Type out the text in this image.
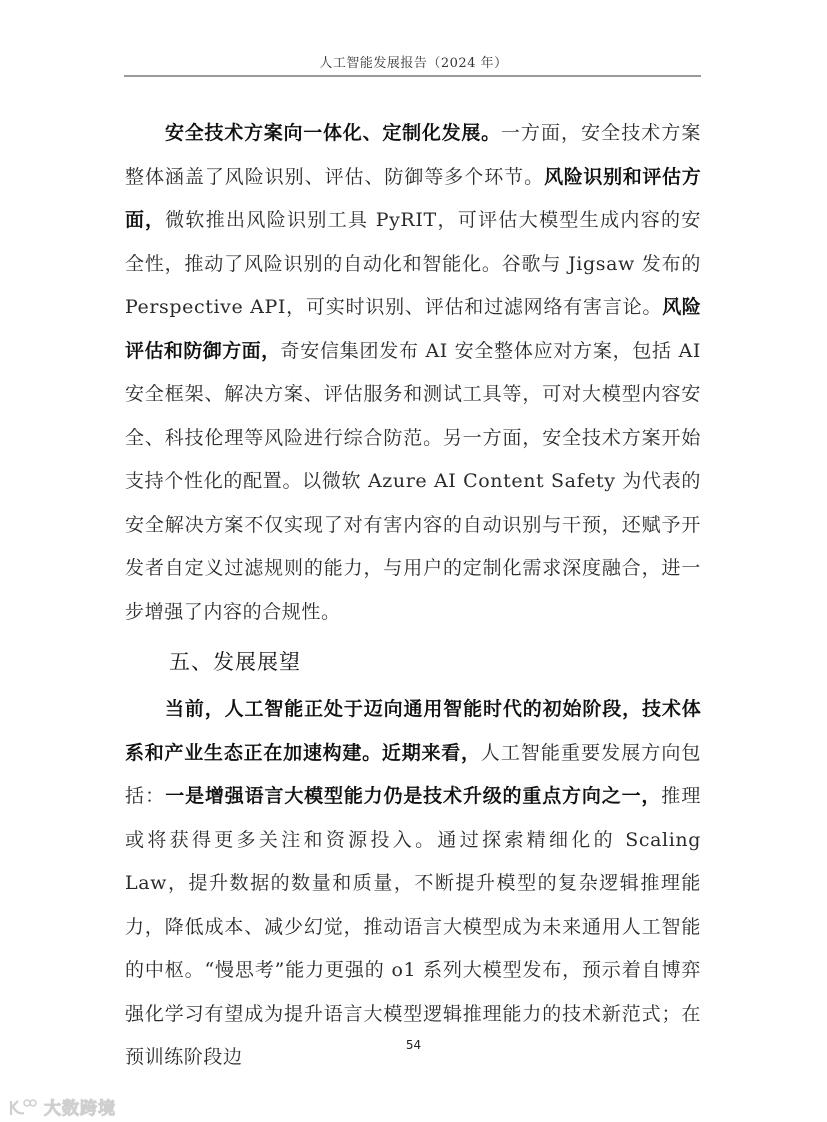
人工智能发展报告（2024 年）

安全技术方案向一体化、定制化发展。一方面，安全技术方案整体涵盖了风险识别、评估、防御等多个环节。风险识别和评估方面，微软推出风险识别工具 PyRIT，可评估大模型生成内容的安全性，推动了风险识别的自动化和智能化。谷歌与 Jigsaw 发布的 Perspective API，可实时识别、评估和过滤网络有害言论。风险评估和防御方面，奇安信集团发布 AI 安全整体应对方案，包括 AI 安全框架、解决方案、评估服务和测试工具等，可对大模型内容安全、科技伦理等风险进行综合防范。另一方面，安全技术方案开始支持个性化的配置。以微软 Azure AI Content Safety 为代表的安全解决方案不仅实现了对有害内容的自动识别与干预，还赋予开发者自定义过滤规则的能力，与用户的定制化需求深度融合，进一步增强了内容的合规性。

五、发展展望

当前，人工智能正处于迈向通用智能时代的初始阶段，技术体系和产业生态正在加速构建。近期来看，人工智能重要发展方向包括：一是增强语言大模型能力仍是技术升级的重点方向之一，推理或将获得更多关注和资源投入。通过探索精细化的 Scaling Law，提升数据的数量和质量，不断提升模型的复杂逻辑推理能力，降低成本、减少幻觉，推动语言大模型成为未来通用人工智能的中枢。“慢思考”能力更强的 o1 系列大模型发布，预示着自博弈强化学习有望成为提升语言大模型逻辑推理能力的技术新范式；在预训练阶段边

54
大数跨境
